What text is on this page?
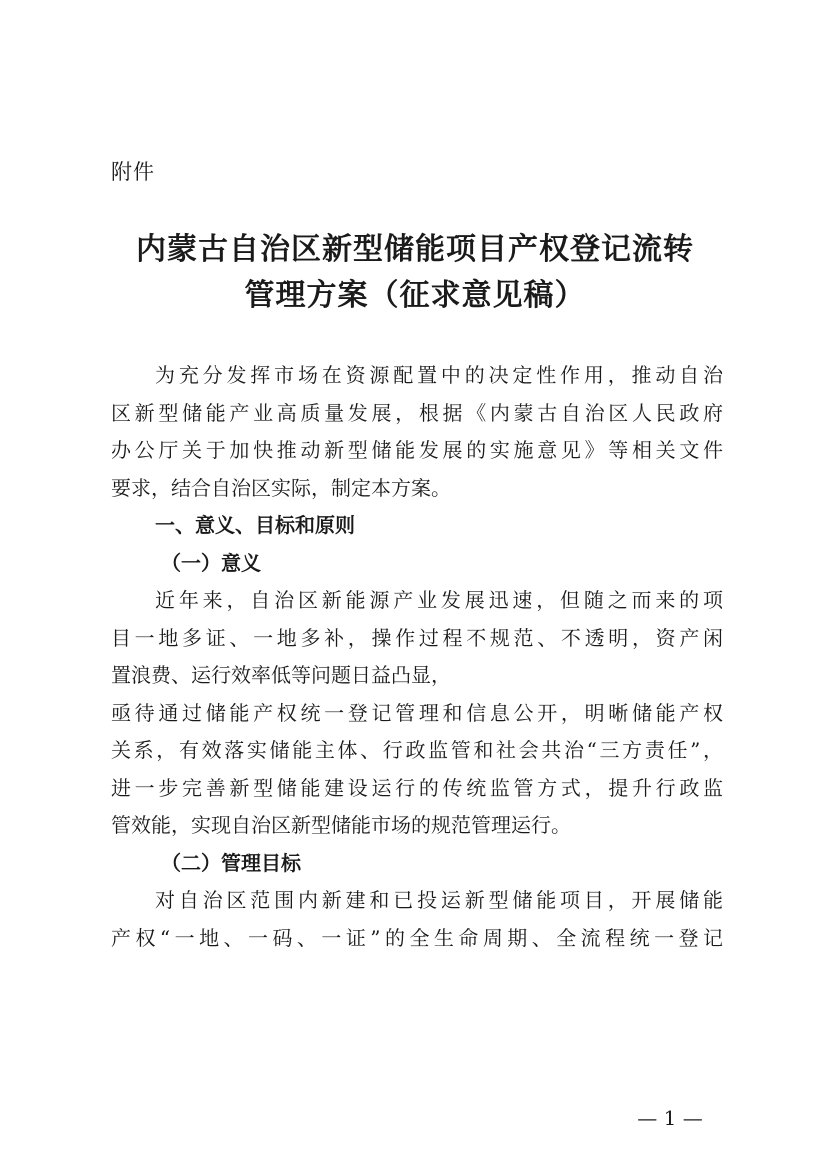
附件
内蒙古自治区新型储能项目产权登记流转
管理方案（征求意见稿）
为充分发挥市场在资源配置中的决定性作用，推动自治
区新型储能产业高质量发展，根据《内蒙古自治区人民政府
办公厅关于加快推动新型储能发展的实施意见》等相关文件
要求，结合自治区实际，制定本方案。
一、意义、目标和原则
（一）意义
近年来，自治区新能源产业发展迅速，但随之而来的项
目一地多证、一地多补，操作过程不规范、不透明，资产闲
置浪费、运行效率低等问题日益凸显，
亟待通过储能产权统一登记管理和信息公开，明晰储能产权
关系，有效落实储能主体、行政监管和社会共治“三方责任”，
进一步完善新型储能建设运行的传统监管方式，提升行政监
管效能，实现自治区新型储能市场的规范管理运行。
（二）管理目标
对自治区范围内新建和已投运新型储能项目，开展储能
产权“一地、一码、一证”的全生命周期、全流程统一登记
— 1 —
